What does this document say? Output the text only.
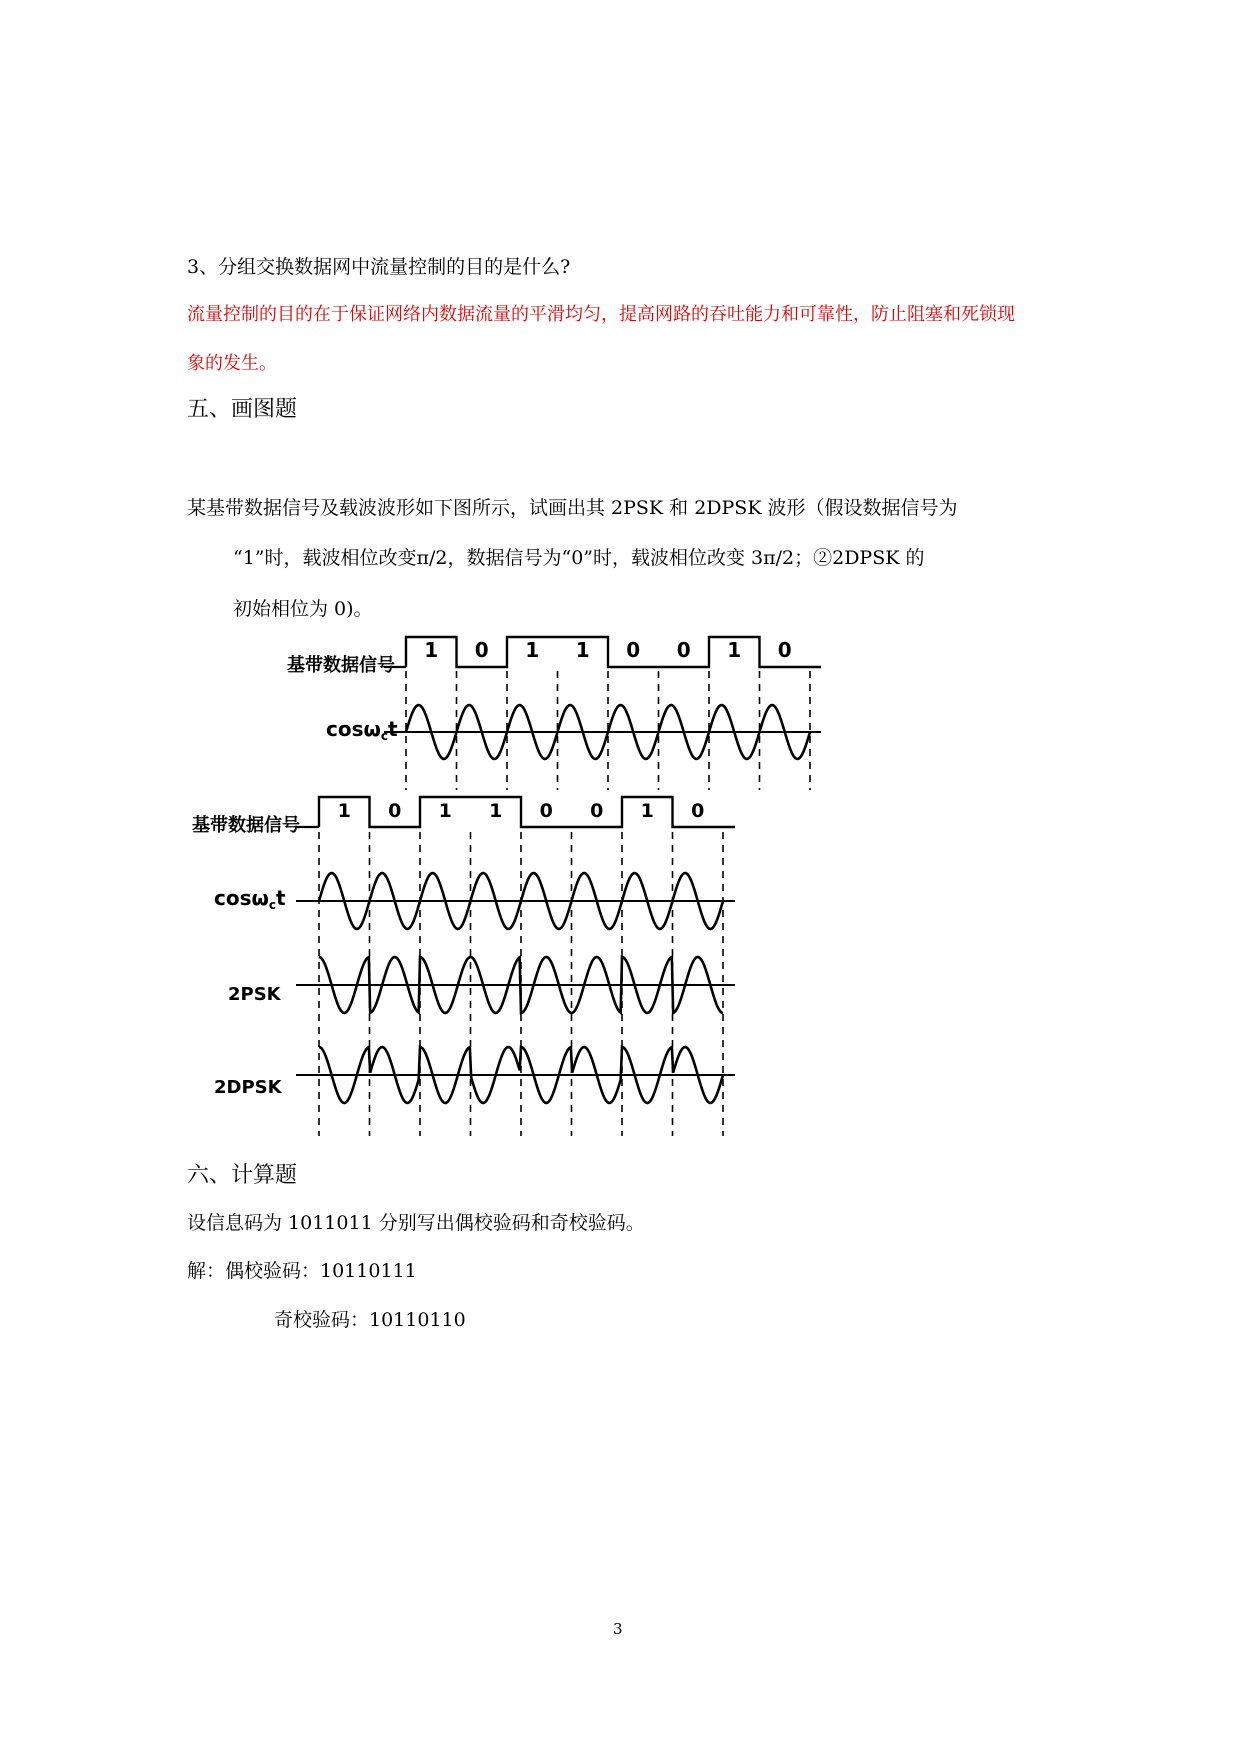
3、分组交换数据网中流量控制的目的是什么?
流量控制的目的在于保证网络内数据流量的平滑均匀，提高网路的吞吐能力和可靠性，防止阻塞和死锁现
象的发生。
五、画图题
某基带数据信号及载波波形如下图所示，试画出其 2PSK 和 2DPSK 波形（假设数据信号为
“1”时，载波相位改变π/2，数据信号为“0”时，载波相位改变 3π/2；②2DPSK 的
初始相位为 0)。
基带数据信号
cosω$_c$t
1 0 1 1 0 0 1 0
基带数据信号
cosω$_c$t
2PSK
2DPSK
1 0 1 1 0 0 1 0
六、计算题
设信息码为 1011011 分别写出偶校验码和奇校验码。
解：偶校验码：10110111
奇校验码：10110110
3
